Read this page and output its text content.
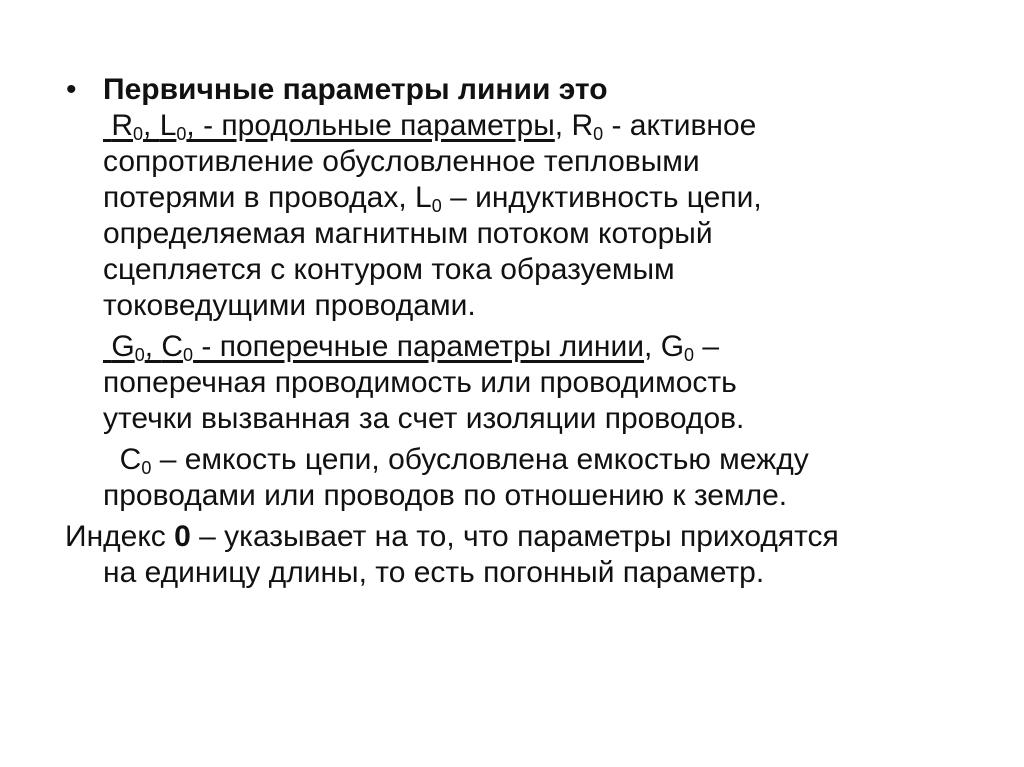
• Первичные параметры линии это
$R_0$, $L_0$, - продольные параметры, $R_0$ - активное
сопротивление обусловленное тепловыми
потерями в проводах, $L_0$ – индуктивность цепи,
определяемая магнитным потоком который
сцепляется с контуром тока образуемым
токоведущими проводами.
$G_0$, $C_0$ - поперечные параметры линии, $G_0$ –
поперечная проводимость или проводимость
утечки вызванная за счет изоляции проводов.
$C_0$ – емкость цепи, обусловлена емкостью между
проводами или проводов по отношению к земле.
Индекс 0 – указывает на то, что параметры приходятся
на единицу длины, то есть погонный параметр.
